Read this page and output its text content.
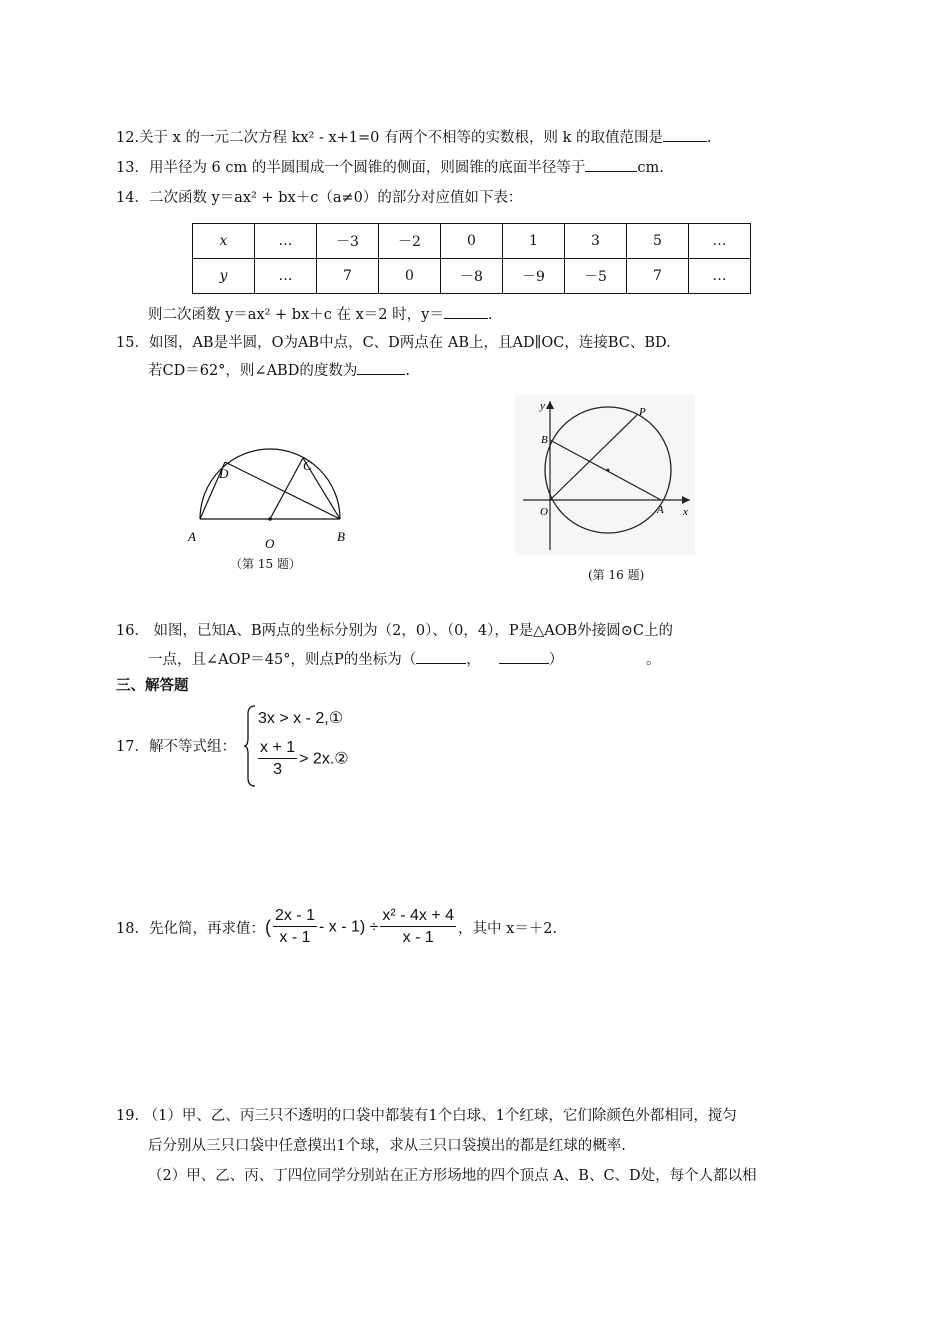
12.关于 x 的一元二次方程 kx² - x+1=0 有两个不相等的实数根，则 k 的取值范围是	.
13．用半径为 6 cm 的半圆围成一个圆锥的侧面，则圆锥的底面半径等于	cm.
14．二次函数 y＝ax² + bx＋c（a≠0）的部分对应值如下表：
x	…	－3	－2	0	1	3	5	…
y	…	7	0	－8	－9	－5	7	…
则二次函数 y＝ax² + bx＋c 在 x＝2 时，y＝	.
15．如图，AB是半圆，O为AB中点，C、D两点在 AB上，且AD∥OC，连接BC、BD.
若CD＝62°，则∠ABD的度数为	.
A	O	B
D
C
（第 15 题）
y
B
P
O	A x
(第 16 题)
16． 如图，已知A、B两点的坐标分别为（2，0）、（0，4），P是△AOB外接圆⊙C上的
一点，且∠AOP＝45°，则点P的坐标为（	，	）	。
三、解答题
17．解不等式组：
3x > x - 2,①
$\frac{x + 1}{3}$ > 2x.②
18．先化简，再求值：( $\frac{2x - 1}{x - 1} - x - 1) \div \frac{\text{x² - 4x + 4}}{x - 1}$ ，其中 x＝＋2.
19. （1）甲、乙、丙三只不透明的口袋中都装有1个白球、1个红球，它们除颜色外都相同，搅匀
后分别从三只口袋中任意摸出1个球，求从三只口袋摸出的都是红球的概率.
（2）甲、乙、丙、丁四位同学分别站在正方形场地的四个顶点 A、B、C、D处，每个人都以相
